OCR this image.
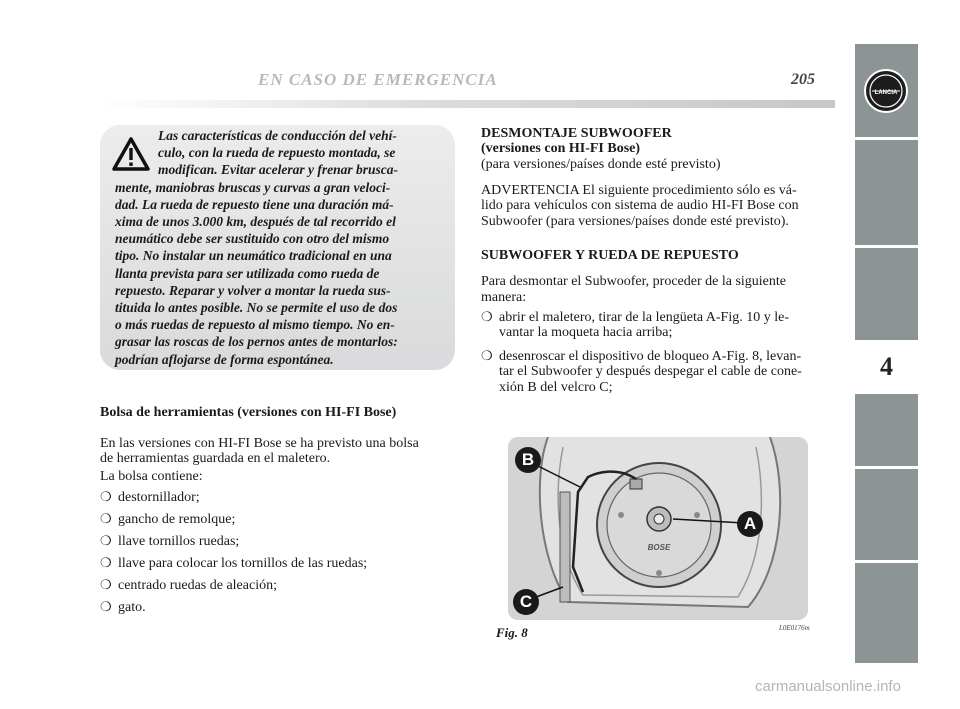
EN CASO DE EMERGENCIA	205
4
LANCIA
Las características de conducción del vehí-
culo, con la rueda de repuesto montada, se
modifican. Evitar acelerar y frenar brusca-
mente, maniobras bruscas y curvas a gran veloci-
dad. La rueda de repuesto tiene una duración má-
xima de unos 3.000 km, después de tal recorrido el
neumático debe ser sustituido con otro del mismo
tipo. No instalar un neumático tradicional en una
llanta prevista para ser utilizada como rueda de
repuesto. Reparar y volver a montar la rueda sus-
tituida lo antes posible. No se permite el uso de dos
o más ruedas de repuesto al mismo tiempo. No en-
grasar las roscas de los pernos antes de montarlos:
podrían aflojarse de forma espontánea.
Bolsa de herramientas (versiones con HI-FI Bose)
En las versiones con HI-FI Bose se ha previsto una bolsa
de herramientas guardada en el maletero.
La bolsa contiene:
❍ destornillador;
❍ gancho de remolque;
❍ llave tornillos ruedas;
❍ llave para colocar los tornillos de las ruedas;
❍ centrado ruedas de aleación;
❍ gato.
DESMONTAJE SUBWOOFER
(versiones con HI-FI Bose)
(para versiones/países donde esté previsto)
ADVERTENCIA El siguiente procedimiento sólo es vá-
lido para vehículos con sistema de audio HI-FI Bose con
Subwoofer (para versiones/países donde esté previsto).
SUBWOOFER Y RUEDA DE REPUESTO
Para desmontar el Subwoofer, proceder de la siguiente
manera:
❍ abrir el maletero, tirar de la lengüeta A-Fig. 10 y le-
vantar la moqueta hacia arriba;
❍ desenroscar el dispositivo de bloqueo A-Fig. 8, levan-
tar el Subwoofer y después despegar el cable de cone-
xión B del velcro C;
BOSE
B
A
C
Fig. 8	L0E0176m
carmanualsonline.info
